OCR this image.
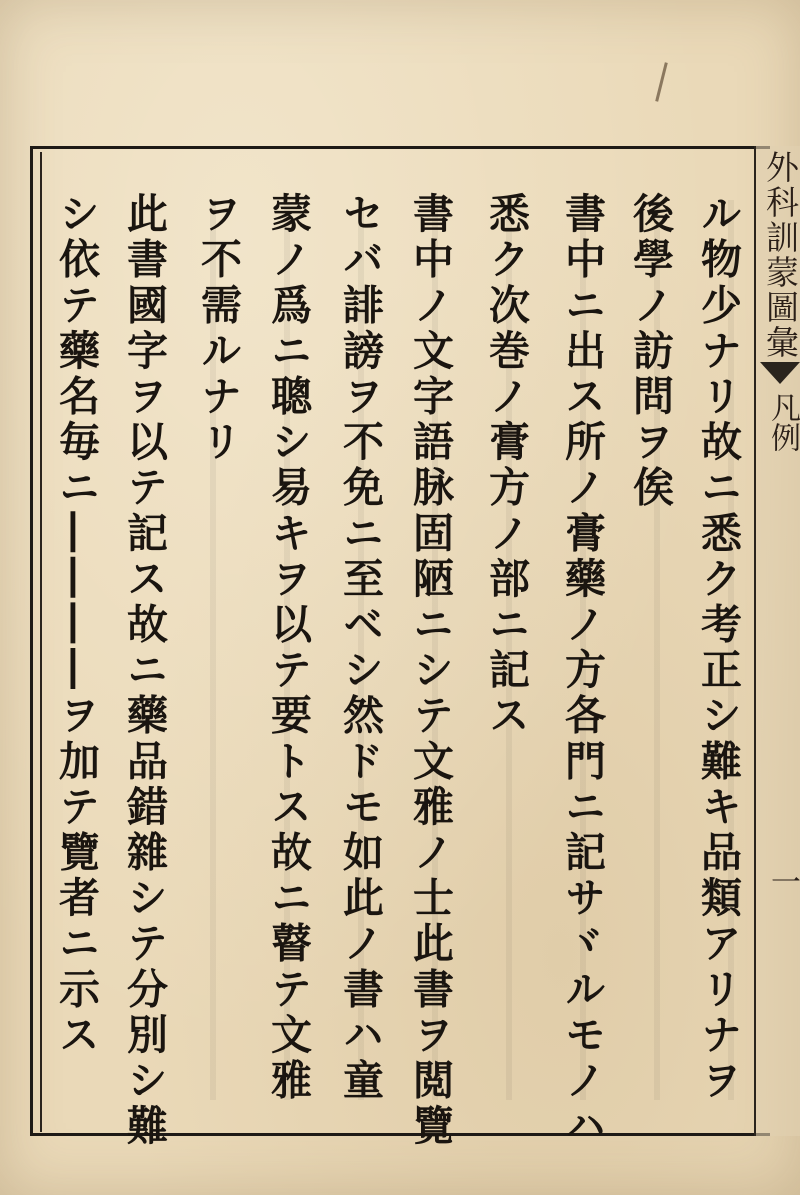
外科訓蒙圖彙
凡例
一
ル物少ナリ故ニ悉ク考正シ難キ品類アリナヲ
後學ノ訪問ヲ俟
書中ニ出ス所ノ膏藥ノ方各門ニ記サヾルモノハ
悉ク次巻ノ膏方ノ部ニ記ス
書中ノ文字語脉固陋ニシテ文雅ノ士此書ヲ閲覽
セバ誹謗ヲ不免ニ至ベシ然ドモ如此ノ書ハ童
蒙ノ爲ニ聰シ易キヲ以テ要トス故ニ瞽テ文雅
ヲ不需ルナリ
此書國字ヲ以テ記ス故ニ藥品錯雜シテ分別シ難
シ依テ藥名毎ニ――――ヲ加テ覽者ニ示ス
